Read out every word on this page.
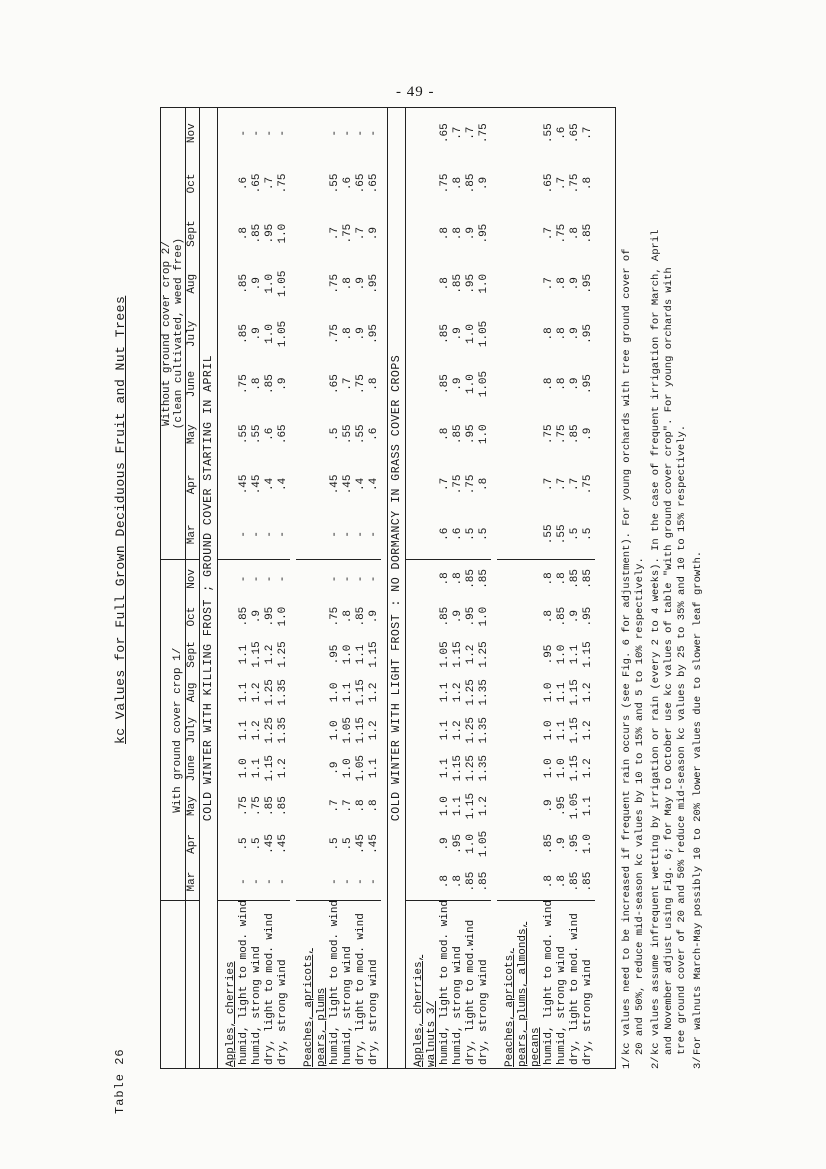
- 49 -
Table 26
kc Values for Full Grown Deciduous Fruit and Nut Trees
		With ground cover crop 1/									Without ground cover crop 2/ (clean cultivated, weed free)								

	Mar	Apr	May	June	July	Aug	Sept	Oct	Nov	Mar	Apr	May	June	July	Aug	Sept	Oct	Nov
COLD WINTER WITH KILLING FROST ; GROUND COVER STARTING IN APRIL																		
Apples, cherries																		
humid, light to mod. wind	-	.5	.75	1.0	1.1	1.1	1.1	.85	-	-	.45	.55	.75	.85	.85	.8	.6	-
humid, strong wind	-	.5	.75	1.1	1.2	1.2	1.15	.9	-	-	.45	.55	.8	.9	.9	.85	.65	-
dry, light to mod. wind	-	.45	.85	1.15	1.25	1.25	1.2	.95	-	-	.4	.6	.85	1.0	1.0	.95	.7	-
dry, strong wind	-	.45	.85	1.2	1.35	1.35	1.25	1.0	-	-	.4	.65	.9	1.05	1.05	1.0	.75	-

Peaches, apricots, pears, plums																		
humid, light to mod. wind	-	.5	.7	.9	1.0	1.0	.95	.75	-	-	.45	.5	.65	.75	.75	.7	.55	-
humid, strong wind	-	.5	.7	1.0	1.05	1.1	1.0	.8	-	-	.45	.55	.7	.8	.8	.75	.6	-
dry, light to mod. wind	-	.45	.8	1.05	1.15	1.15	1.1	.85	-	-	.4	.55	.75	.9	.9	.7	.65	-
dry, strong wind	-	.45	.8	1.1	1.2	1.2	1.15	.9	-	-	.4	.6	.8	.95	.95	.9	.65	-

COLD WINTER WITH LIGHT FROST : NO DORMANCY IN GRASS COVER CROPS																		
Apples, cherries, walnuts 3/																		
humid, light to mod. wind	.8	.9	1.0	1.1	1.1	1.1	1.05	.85	.8	.6	.7	.8	.85	.85	.8	.8	.75	.65
humid, strong wind	.8	.95	1.1	1.15	1.2	1.2	1.15	.9	.8	.6	.75	.85	.9	.9	.85	.8	.8	.7
dry, light to mod.wind	.85	1.0	1.15	1.25	1.25	1.25	1.2	.95	.85	.5	.75	.95	1.0	1.0	.95	.9	.85	.7
dry, strong wind	.85	1.05	1.2	1.35	1.35	1.35	1.25	1.0	.85	.5	.8	1.0	1.05	1.05	1.0	.95	.9	.75

Peaches, apricots, pears, plums, almonds, pecans																		
humid, light to mod. wind	.8	.85	.9	1.0	1.0	1.0	.95	.8	.8	.55	.7	.75	.8	.8	.7	.7	.65	.55
humid, strong wind	.8	.9	.95	1.0	1.1	1.1	1.0	.85	.8	.55	.7	.75	.8	.8	.8	.75	.7	.6
dry, light to mod. wind	.85	.95	1.05	1.15	1.15	1.15	1.1	.9	.85	.5	.7	.85	.9	.9	.9	.8	.75	.65
dry, strong wind	.85	1.0	1.1	1.2	1.2	1.2	1.15	.95	.85	.5	.75	.9	.95	.95	.95	.85	.8	.7

1/
kc values need to be increased if frequent rain occurs (see Fig. 6 for adjustment). For young orchards with tree ground cover of 20 and 50%, reduce mid-season kc values by 10 to 15% and 5 to 10% respectively.
2/
kc values assume infrequent wetting by irrigation or rain (every 2 to 4 weeks). In the case of frequent irrigation for March, April and November adjust using Fig. 6; for May to October use kc values of table "with ground cover crop". For young orchards with tree ground cover of 20 and 50% reduce mid-season kc values by 25 to 35% and 10 to 15% respectively.
3/
For walnuts March-May possibly 10 to 20% lower values due to slower leaf growth.
